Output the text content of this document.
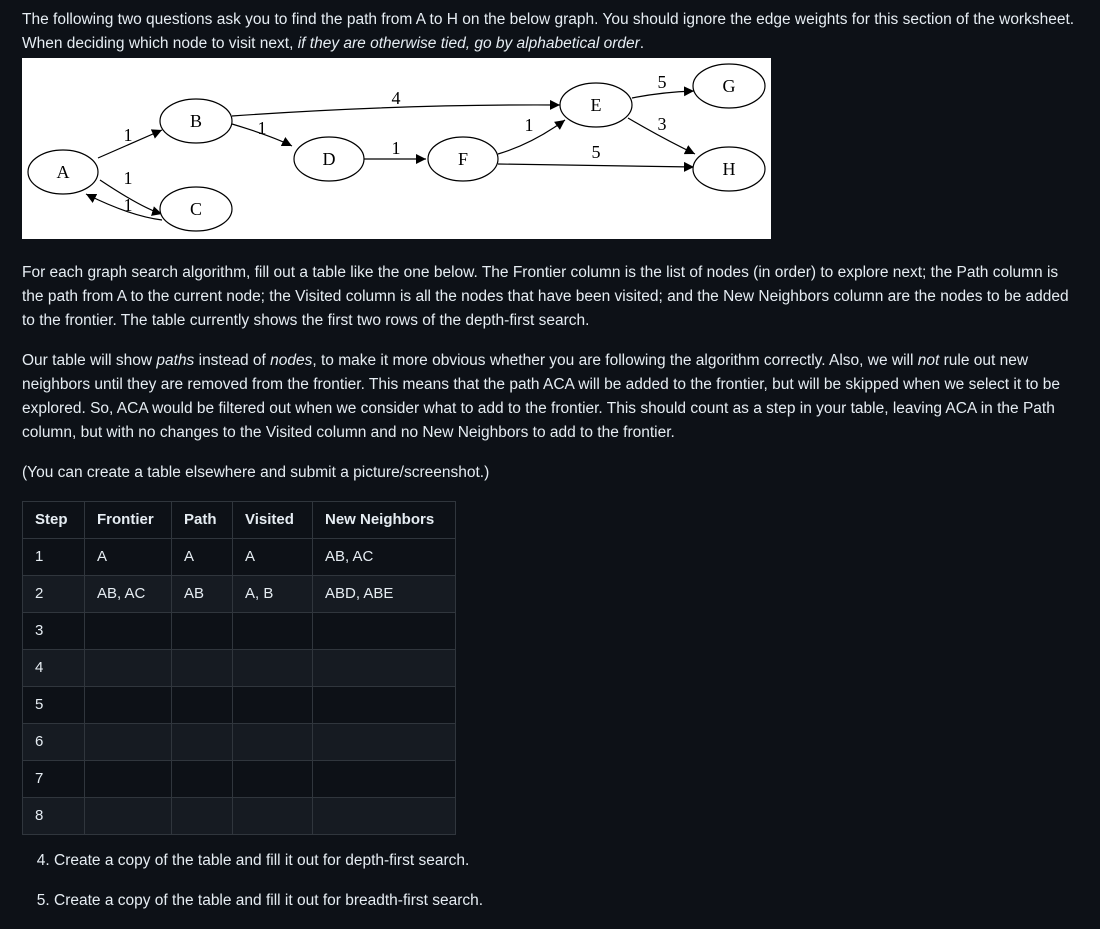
The following two questions ask you to find the path from A to H on the below graph. You should ignore the edge weights for this section of the worksheet. When deciding which node to visit next, if they are otherwise tied, go by alphabetical order.

A
B
C
D
E
F
G
H
1
1
1
1
4
1
1
5
5
3

For each graph search algorithm, fill out a table like the one below. The Frontier column is the list of nodes (in order) to explore next; the Path column is the path from A to the current node; the Visited column is all the nodes that have been visited; and the New Neighbors column are the nodes to be added to the frontier. The table currently shows the first two rows of the depth-first search.

Our table will show paths instead of nodes, to make it more obvious whether you are following the algorithm correctly. Also, we will not rule out new neighbors until they are removed from the frontier. This means that the path ACA will be added to the frontier, but will be skipped when we select it to be explored. So, ACA would be filtered out when we consider what to add to the frontier. This should count as a step in your table, leaving ACA in the Path column, but with no changes to the Visited column and no New Neighbors to add to the frontier.

(You can create a table elsewhere and submit a picture/screenshot.)

Step	Frontier	Path	Visited	New Neighbors
1	A	A	A	AB, AC
2	AB, AC	AB	A, B	ABD, ABE
3				
4				
5				
6				
7				
8				
4. Create a copy of the table and fill it out for depth-first search.
5. Create a copy of the table and fill it out for breadth-first search.
